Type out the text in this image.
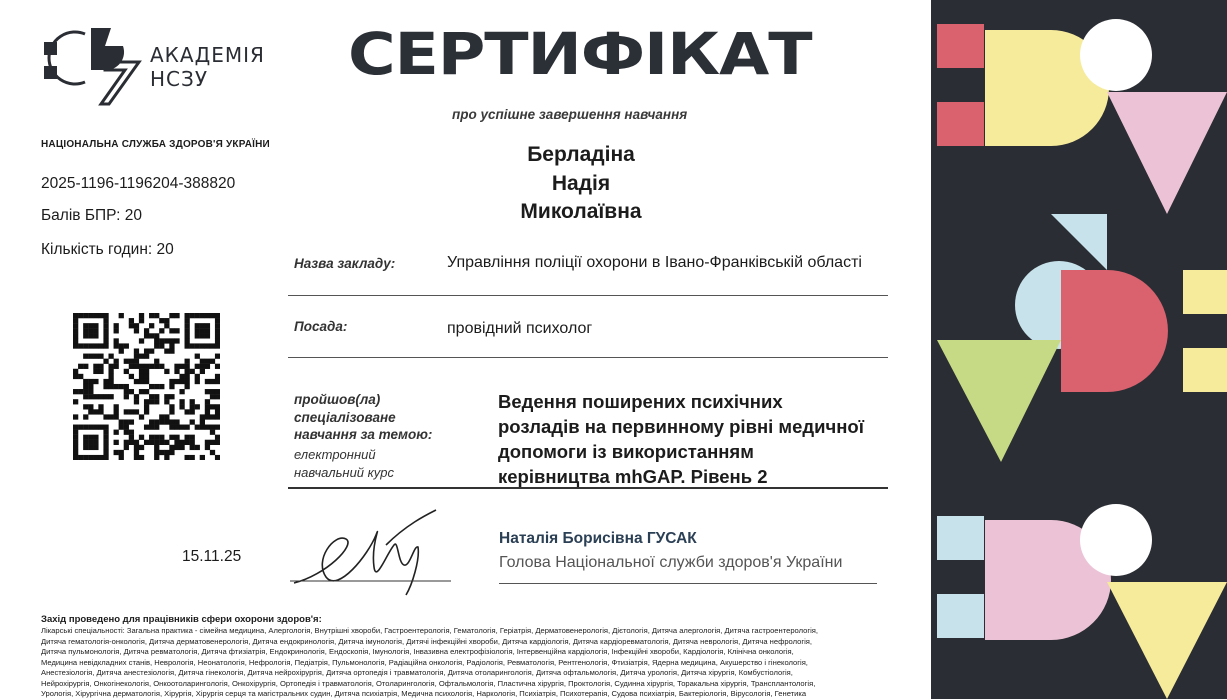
АКАДЕМІЯ
НСЗУ
НАЦІОНАЛЬНА СЛУЖБА ЗДОРОВ'Я УКРАЇНИ
2025-1196-1196204-388820
Балів БПР: 20
Кількість годин: 20
СЕРТИФІКАТ
про успішне завершення навчання
Берладіна
Надія
Миколаївна
Назва закладу:	Управління поліції охорони в Івано-Франківській області
Посада:	провідний психолог
пройшов(ла)
спеціалізоване
навчання за темою:
електронний
навчальний курс
Ведення поширених психічних
розладів на первинному рівні медичної
допомоги із використанням
керівництва mhGAP. Рівень 2
15.11.25
Наталія Борисівна ГУСАК
Голова Національної служби здоров'я України
Захід проведено для працівників сфери охорони здоров'я:
Лікарські спеціальності: Загальна практика - сімейна медицина, Алергологія, Внутрішні хвороби, Гастроентерологія, Гематологія, Геріатрія, Дерматовенерологія, Дієтологія, Дитяча алергологія, Дитяча гастроентерологія,
Дитяча гематологія-онкологія, Дитяча дерматовенерологія, Дитяча ендокринологія, Дитяча імунологія, Дитячі інфекційні хвороби, Дитяча кардіологія, Дитяча кардіоревматологія, Дитяча неврологія, Дитяча нефрологія,
Дитяча пульмонологія, Дитяча ревматологія, Дитяча фтизіатрія, Ендокринологія, Ендоскопія, Імунологія, Інвазивна електрофізіологія, Інтервенційна кардіологія, Інфекційні хвороби, Кардіологія, Клінічна онкологія,
Медицина невідкладних станів, Неврологія, Неонатологія, Нефрологія, Педіатрія, Пульмонологія, Радіаційна онкологія, Радіологія, Ревматологія, Рентгенологія, Фтизіатрія, Ядерна медицина, Акушерство і гінекологія,
Анестезіологія, Дитяча анестезіологія, Дитяча гінекологія, Дитяча нейрохірургія, Дитяча ортопедія і травматологія, Дитяча отоларингологія, Дитяча офтальмологія, Дитяча урологія, Дитяча хірургія, Комбустіологія,
Нейрохірургія, Онкогінекологія, Онкоотоларингологія, Онкохірургія, Ортопедія і травматологія, Отоларингологія, Офтальмологія, Пластична хірургія, Проктологія, Судинна хірургія, Торакальна хірургія, Трансплантологія,
Урологія, Хірургічна дерматологія, Хірургія, Хірургія серця та магістральних судин, Дитяча психіатрія, Медична психологія, Наркологія, Психіатрія, Психотерапія, Судова психіатрія, Бактеріологія, Вірусологія, Генетика
